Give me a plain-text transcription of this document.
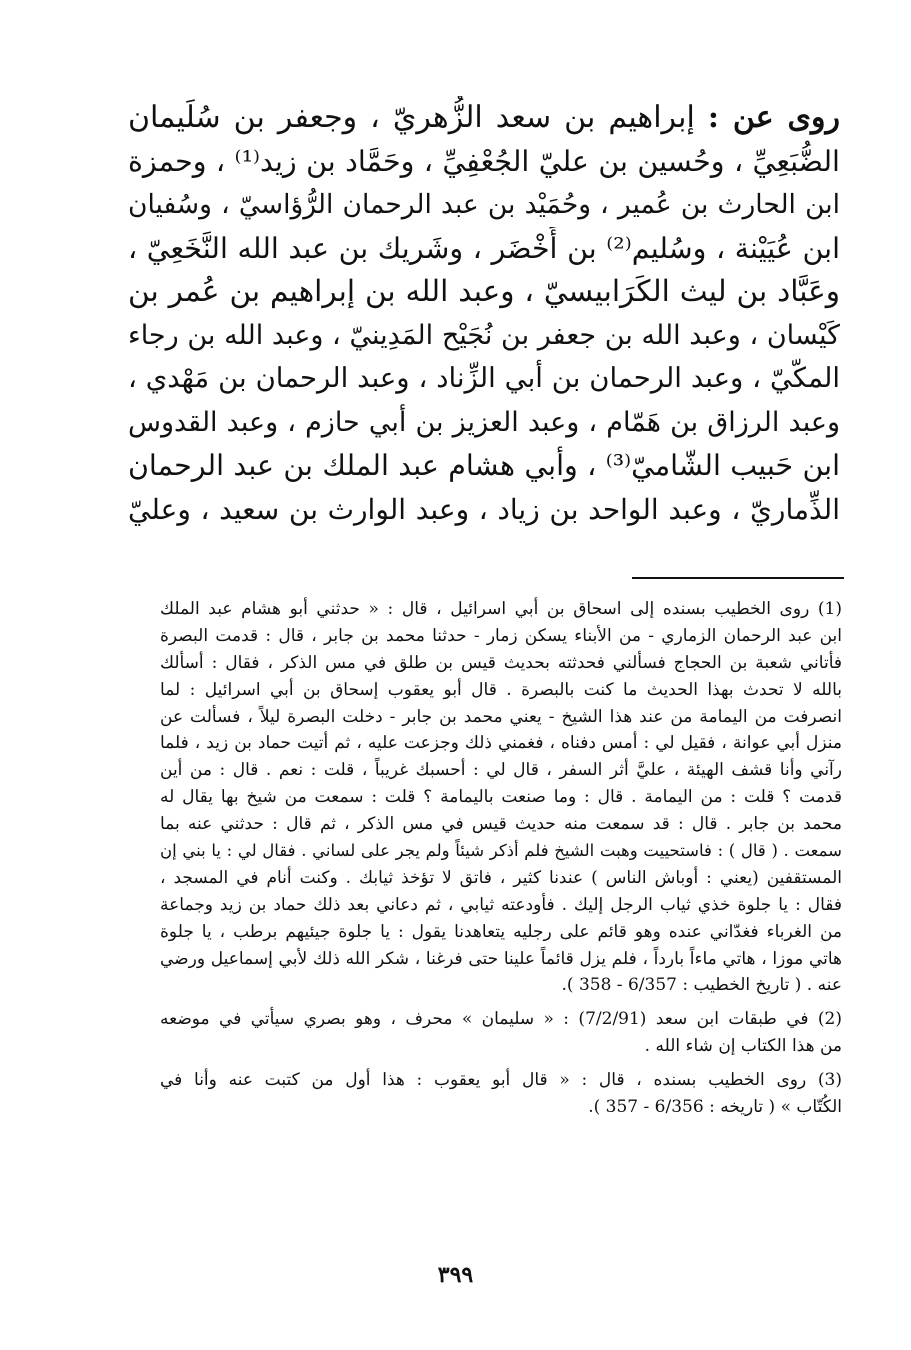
روى عن : إبراهيم بن سعد الزُّهريّ ، وجعفر بن سُلَيمان
الضُّبَعِيِّ ، وحُسين بن عليّ الجُعْفِيِّ ، وحَمَّاد بن زيد⁽¹⁾ ، وحمزة
ابن الحارث بن عُمير ، وحُمَيْد بن عبد الرحمان الرُّؤاسيّ ، وسُفيان
ابن عُيَيْنة ، وسُليم⁽²⁾ بن أَخْضَر ، وشَريك بن عبد الله النَّخَعِيّ ،
وعَبَّاد بن ليث الكَرَابيسيّ ، وعبد الله بن إبراهيم بن عُمر بن
كَيْسان ، وعبد الله بن جعفر بن نُجَيْح المَدِينيّ ، وعبد الله بن رجاء
المكّيّ ، وعبد الرحمان بن أبي الزِّناد ، وعبد الرحمان بن مَهْدي ،
وعبد الرزاق بن هَمّام ، وعبد العزيز بن أبي حازم ، وعبد القدوس
ابن حَبيب الشّاميّ⁽³⁾ ، وأبي هشام عبد الملك بن عبد الرحمان
الذِّماريّ ، وعبد الواحد بن زياد ، وعبد الوارث بن سعيد ، وعليّ
(1) روى الخطيب بسنده إلى اسحاق بن أبي اسرائيل ، قال : « حدثني أبو هشام عبد الملك
ابن عبد الرحمان الزماري - من الأبناء يسكن زمار - حدثنا محمد بن جابر ، قال : قدمت البصرة
فأتاني شعبة بن الحجاج فسألني فحدثته بحديث قيس بن طلق في مس الذكر ، فقال : أسألك
بالله لا تحدث بهذا الحديث ما كنت بالبصرة . قال أبو يعقوب إسحاق بن أبي اسرائيل : لما
انصرفت من اليمامة من عند هذا الشيخ - يعني محمد بن جابر - دخلت البصرة ليلاً ، فسألت عن
منزل أبي عوانة ، فقيل لي : أمس دفناه ، فغمني ذلك وجزعت عليه ، ثم أتيت حماد بن زيد ، فلما
رآني وأنا قشف الهيئة ، عليَّ أثر السفر ، قال لي : أحسبك غريباً ، قلت : نعم . قال : من أين
قدمت ؟ قلت : من اليمامة . قال : وما صنعت باليمامة ؟ قلت : سمعت من شيخ بها يقال له
محمد بن جابر . قال : قد سمعت منه حديث قيس في مس الذكر ، ثم قال : حدثني عنه بما
سمعت . ( قال ) : فاستحييت وهبت الشيخ فلم أذكر شيئاً ولم يجر على لساني . فقال لي : يا بني إن
المستقفين (يعني : أوباش الناس ) عندنا كثير ، فاتق لا تؤخذ ثيابك . وكنت أنام في المسجد ،
فقال : يا جلوة خذي ثياب الرجل إليك . فأودعته ثيابي ، ثم دعاني بعد ذلك حماد بن زيد وجماعة
من الغرباء فغدّاني عنده وهو قائم على رجليه يتعاهدنا يقول : يا جلوة جيئيهم برطب ، يا جلوة
هاتي موزا ، هاتي ماءاً بارداً ، فلم يزل قائماً علينا حتى فرغنا ، شكر الله ذلك لأبي إسماعيل ورضي
عنه . ( تاريخ الخطيب : 6/357 - 358 ).
(2) في طبقات ابن سعد (7/2/91) : « سليمان » محرف ، وهو بصري سيأتي في موضعه
من هذا الكتاب إن شاء الله .
(3) روى الخطيب بسنده ، قال : « قال أبو يعقوب : هذا أول من كتبت عنه وأنا في
الكُتّاب » ( تاريخه : 6/356 - 357 ).
٣٩٩
